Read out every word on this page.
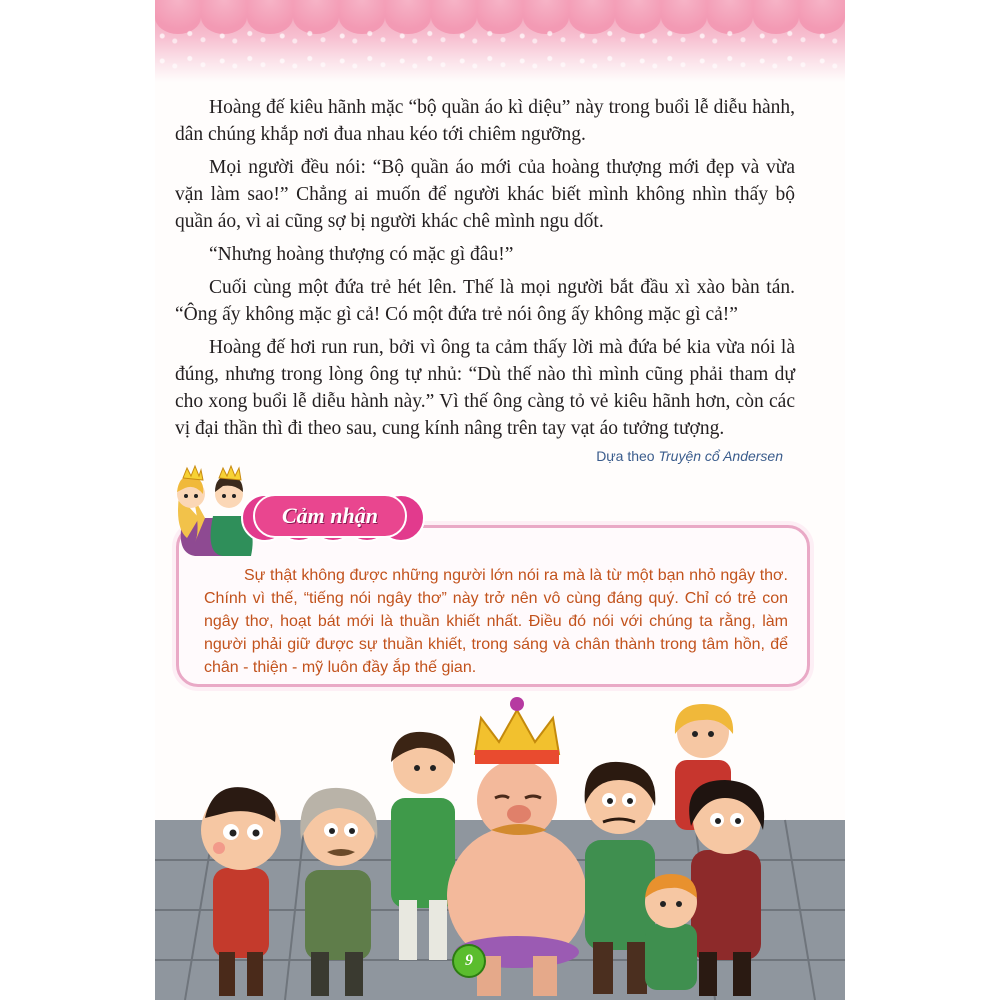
Hoàng đế kiêu hãnh mặc “bộ quần áo kì diệu” này trong buổi lễ diễu hành, dân chúng khắp nơi đua nhau kéo tới chiêm ngưỡng.

Mọi người đều nói: “Bộ quần áo mới của hoàng thượng mới đẹp và vừa vặn làm sao!” Chẳng ai muốn để người khác biết mình không nhìn thấy bộ quần áo, vì ai cũng sợ bị người khác chê mình ngu dốt.

“Nhưng hoàng thượng có mặc gì đâu!”

Cuối cùng một đứa trẻ hét lên. Thế là mọi người bắt đầu xì xào bàn tán. “Ông ấy không mặc gì cả! Có một đứa trẻ nói ông ấy không mặc gì cả!”

Hoàng đế hơi run run, bởi vì ông ta cảm thấy lời mà đứa bé kia vừa nói là đúng, nhưng trong lòng ông tự nhủ: “Dù thế nào thì mình cũng phải tham dự cho xong buổi lễ diễu hành này.” Vì thế ông càng tỏ vẻ kiêu hãnh hơn, còn các vị đại thần thì đi theo sau, cung kính nâng trên tay vạt áo tưởng tượng.

Dựa theo Truyện cổ Andersen

Sự thật không được những người lớn nói ra mà là từ một bạn nhỏ ngây thơ. Chính vì thế, “tiếng nói ngây thơ” này trở nên vô cùng đáng quý. Chỉ có trẻ con ngây thơ, hoạt bát mới là thuần khiết nhất. Điều đó nói với chúng ta rằng, làm người phải giữ được sự thuần khiết, trong sáng và chân thành trong tâm hồn, để chân - thiện - mỹ luôn đầy ắp thế gian.

Cảm nhận
9
